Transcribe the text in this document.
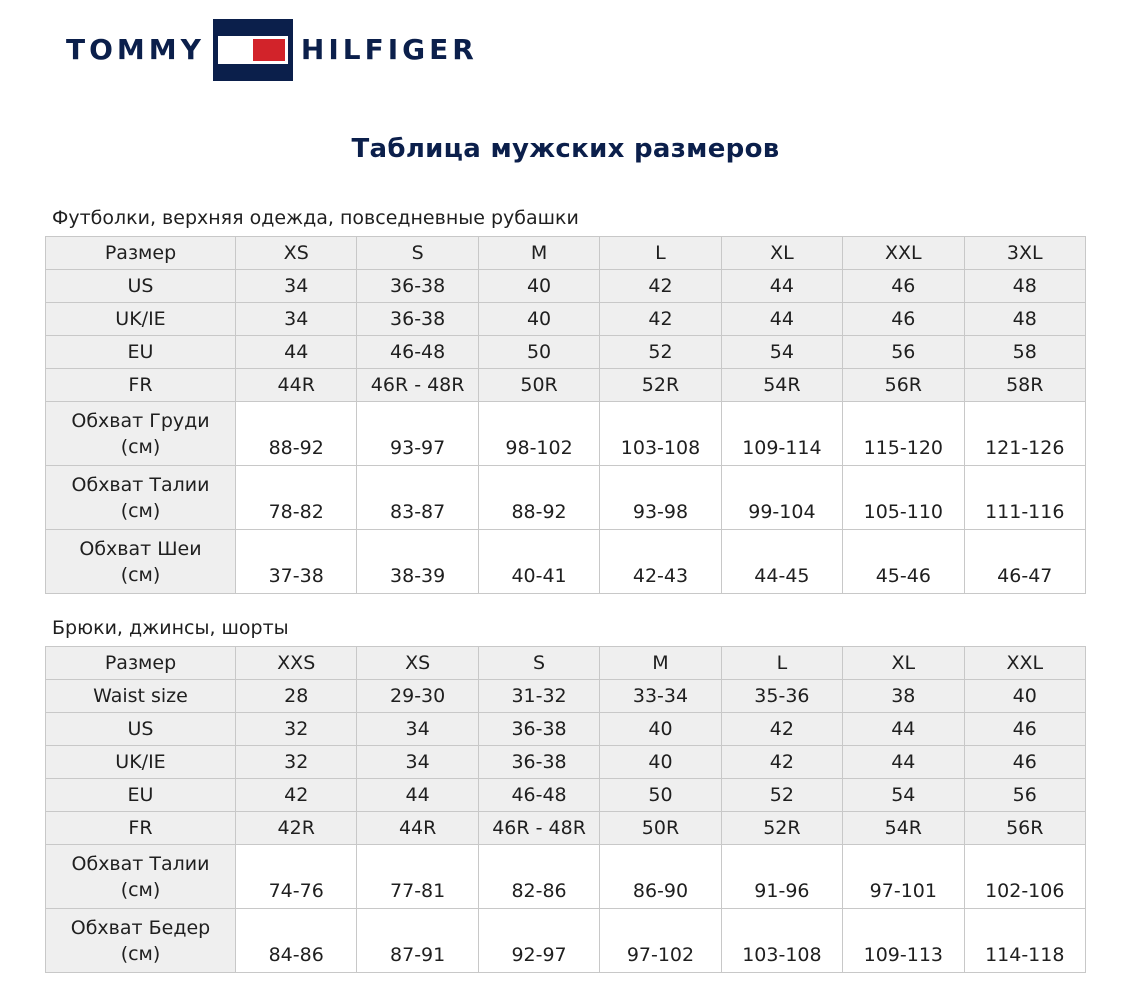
TOMMY	HILFIGER
Таблица мужских размеров
Футболки, верхняя одежда, повседневные рубашки
Размер	XS	S	M	L	XL	XXL	3XL
US	34	36-38	40	42	44	46	48
UK/IE	34	36-38	40	42	44	46	48
EU	44	46-48	50	52	54	56	58
FR	44R	46R - 48R	50R	52R	54R	56R	58R
Обхват Груди
(см)	88-92	93-97	98-102	103-108	109-114	115-120	121-126
Обхват Талии
(см)	78-82	83-87	88-92	93-98	99-104	105-110	111-116
Обхват Шеи
(см)	37-38	38-39	40-41	42-43	44-45	45-46	46-47
Брюки, джинсы, шорты
Размер	XXS	XS	S	M	L	XL	XXL
Waist size	28	29-30	31-32	33-34	35-36	38	40
US	32	34	36-38	40	42	44	46
UK/IE	32	34	36-38	40	42	44	46
EU	42	44	46-48	50	52	54	56
FR	42R	44R	46R - 48R	50R	52R	54R	56R
Обхват Талии
(см)	74-76	77-81	82-86	86-90	91-96	97-101	102-106
Обхват Бедер
(см)	84-86	87-91	92-97	97-102	103-108	109-113	114-118
